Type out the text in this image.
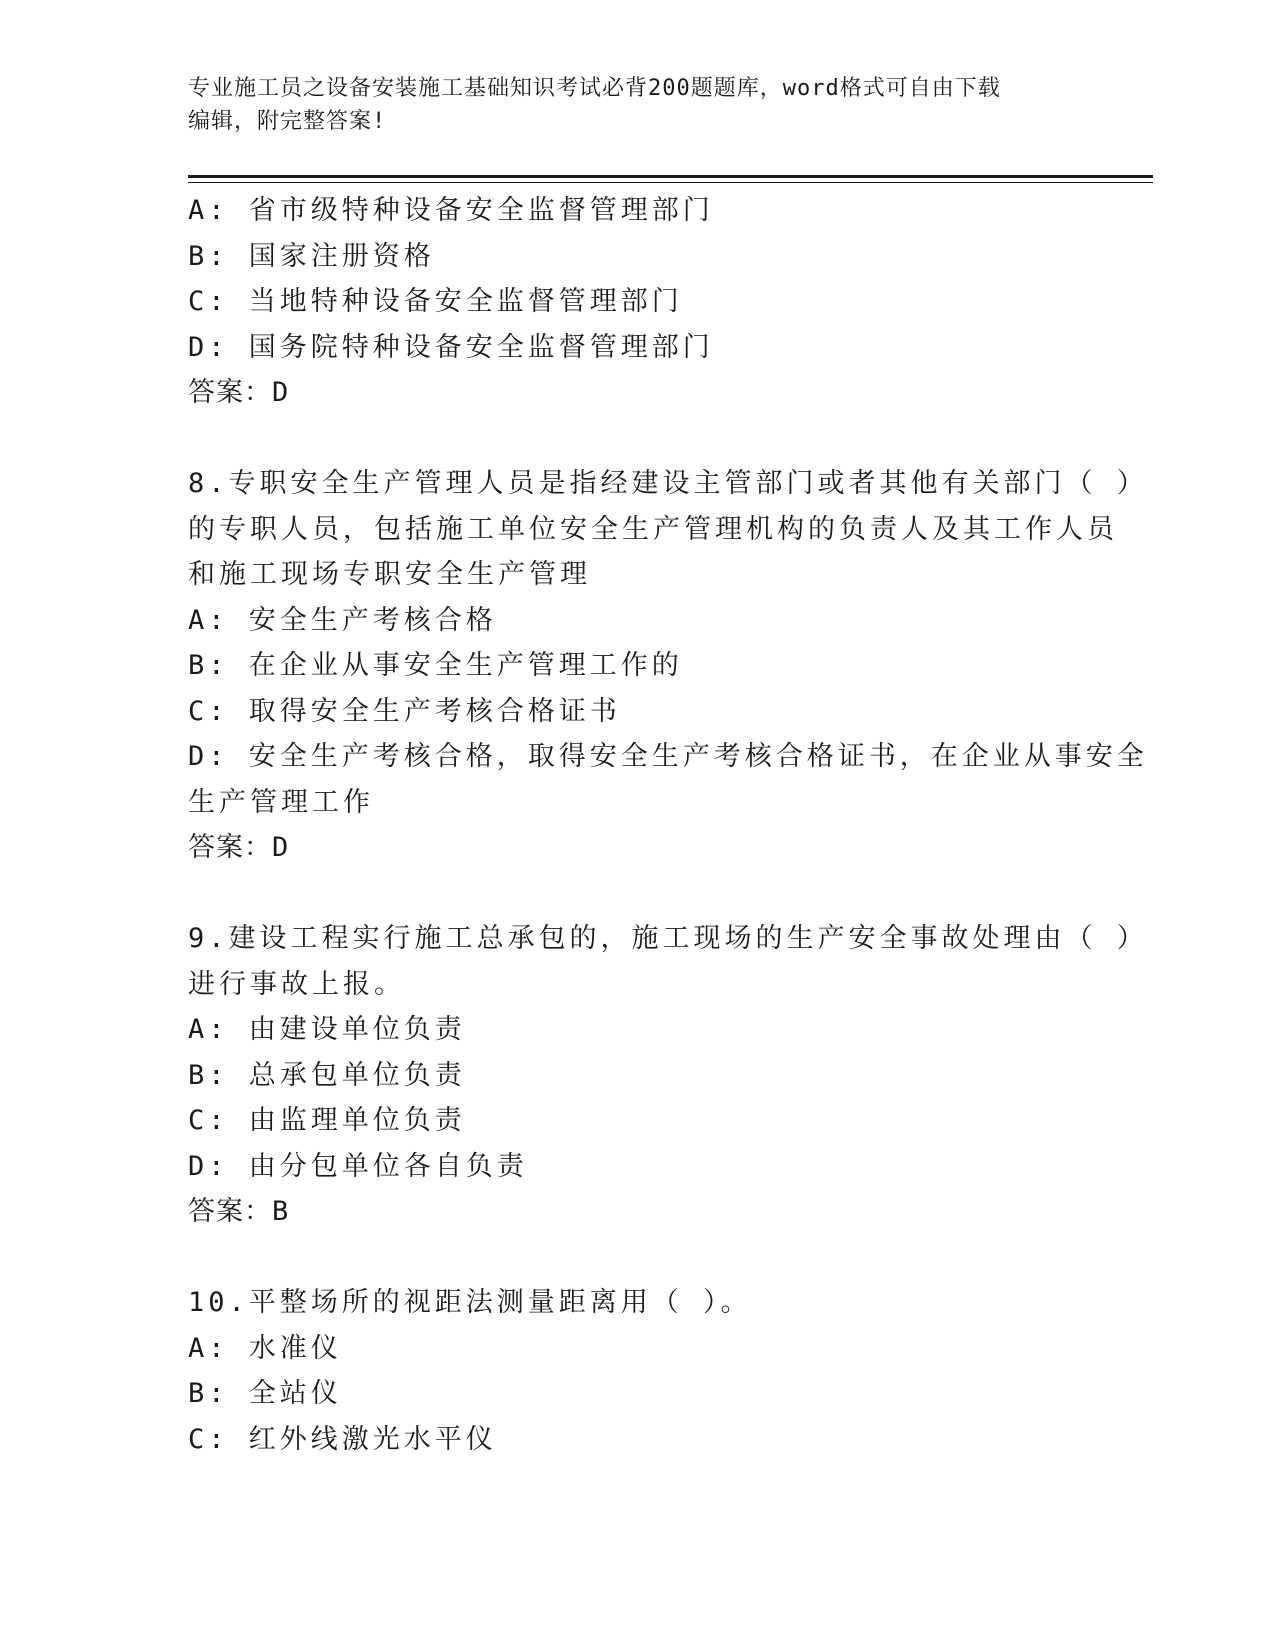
专业施工员之设备安装施工基础知识考试必背200题题库，word格式可自由下载
编辑，附完整答案!
A: 省市级特种设备安全监督管理部门
B: 国家注册资格
C: 当地特种设备安全监督管理部门
D: 国务院特种设备安全监督管理部门
答案：D
8.专职安全生产管理人员是指经建设主管部门或者其他有关部门（ ）
的专职人员，包括施工单位安全生产管理机构的负责人及其工作人员
和施工现场专职安全生产管理
A: 安全生产考核合格
B: 在企业从事安全生产管理工作的
C: 取得安全生产考核合格证书
D: 安全生产考核合格，取得安全生产考核合格证书，在企业从事安全
生产管理工作
答案：D
9.建设工程实行施工总承包的，施工现场的生产安全事故处理由（ ）
进行事故上报。
A: 由建设单位负责
B: 总承包单位负责
C: 由监理单位负责
D: 由分包单位各自负责
答案：B
10.平整场所的视距法测量距离用（ ）。
A: 水准仪
B: 全站仪
C: 红外线激光水平仪
